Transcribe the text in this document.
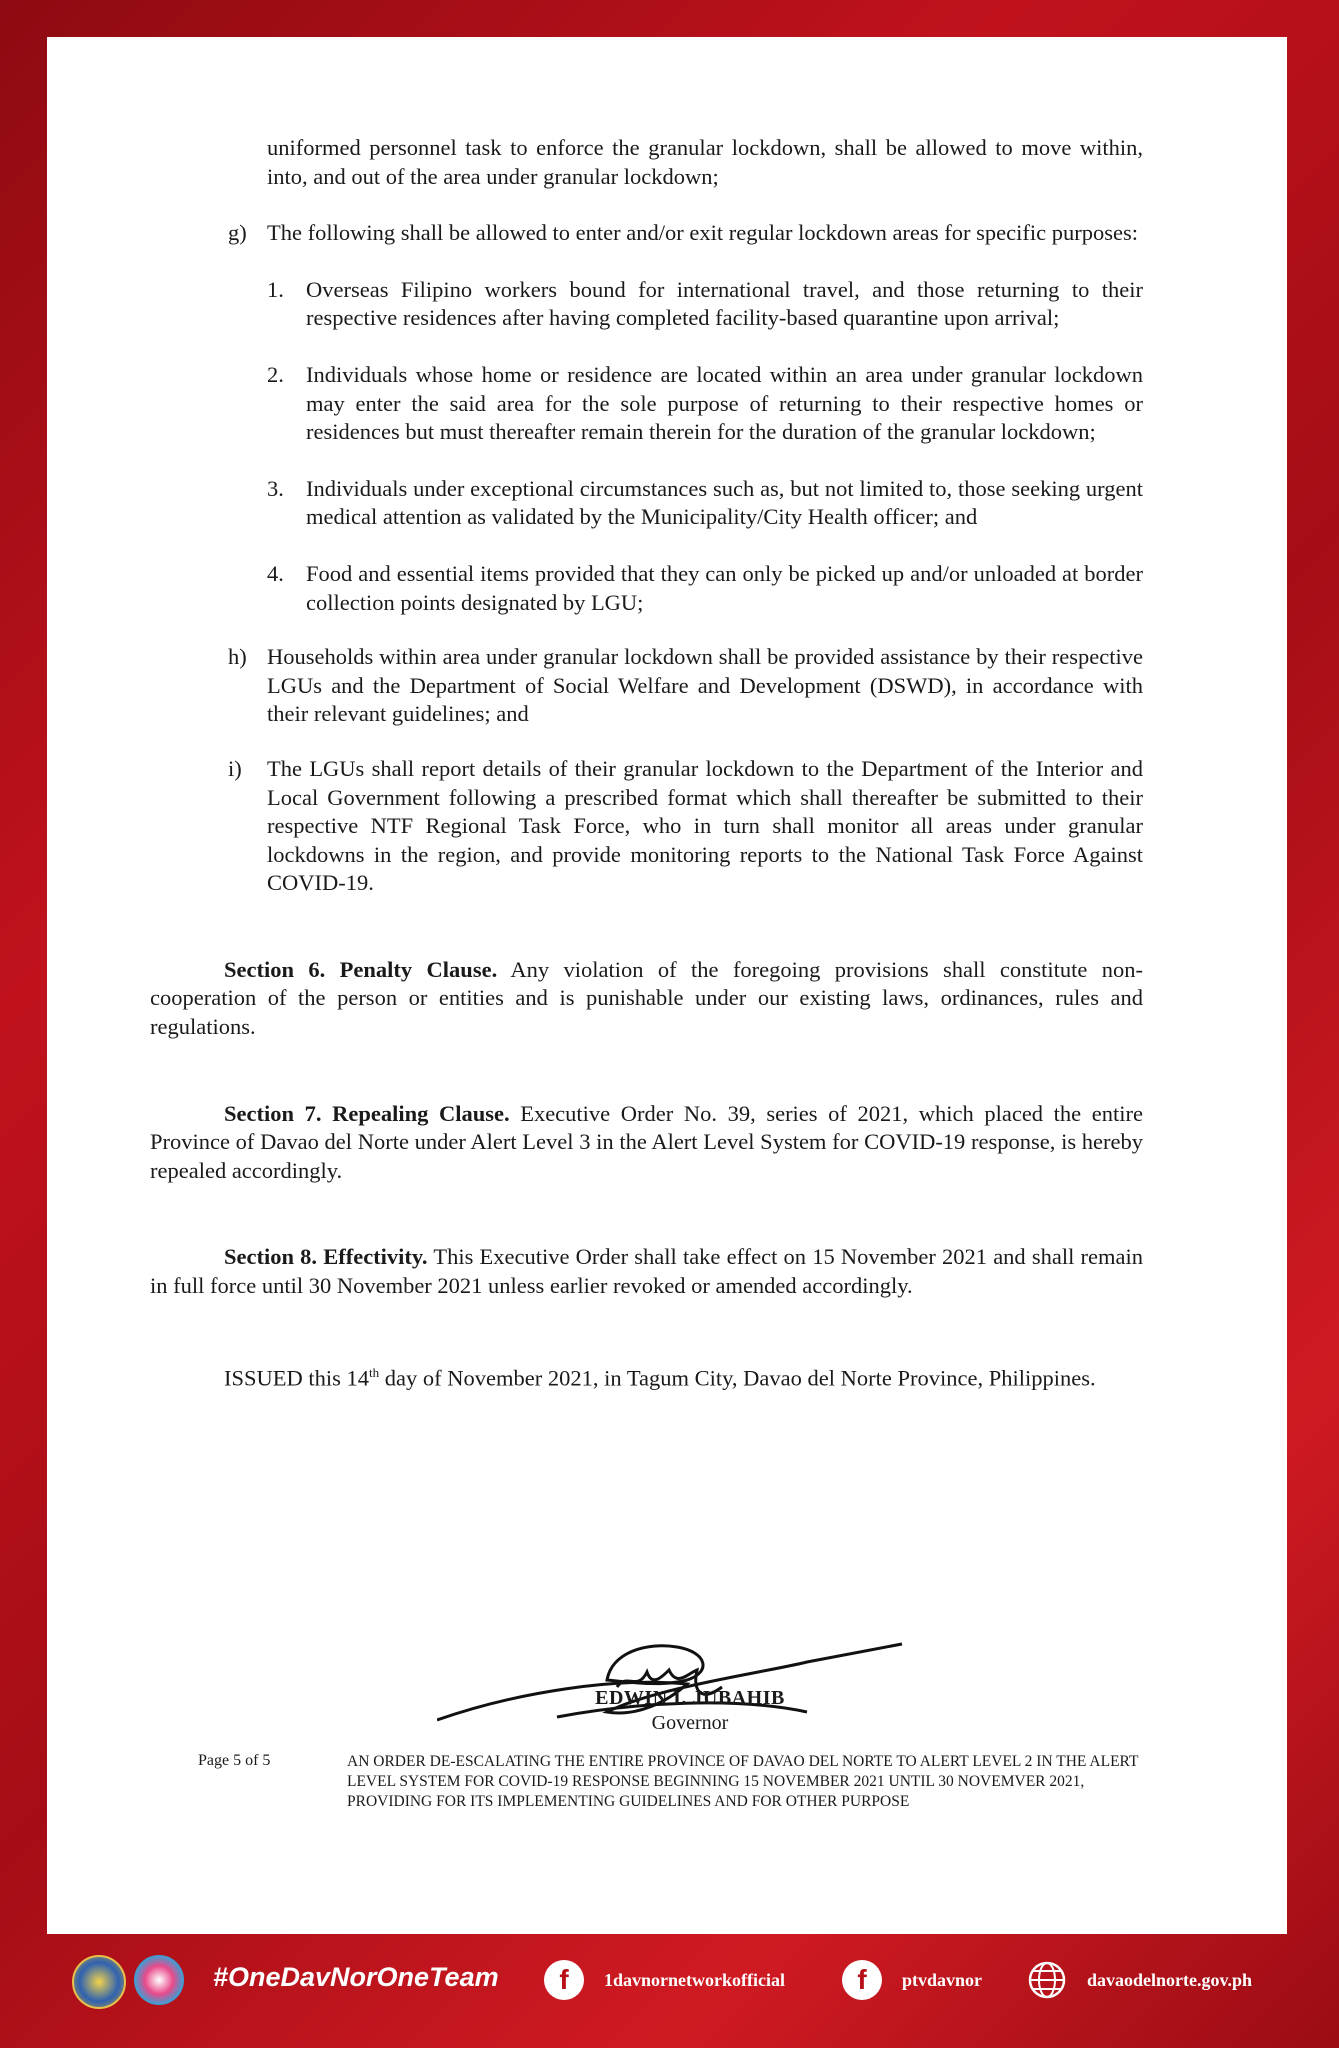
uniformed personnel task to enforce the granular lockdown, shall be allowed to move within, into, and out of the area under granular lockdown;

g) The following shall be allowed to enter and/or exit regular lockdown areas for specific purposes:
1. Overseas Filipino workers bound for international travel, and those returning to their respective residences after having completed facility-based quarantine upon arrival;
2. Individuals whose home or residence are located within an area under granular lockdown may enter the said area for the sole purpose of returning to their respective homes or residences but must thereafter remain therein for the duration of the granular lockdown;
3. Individuals under exceptional circumstances such as, but not limited to, those seeking urgent medical attention as validated by the Municipality/City Health officer; and
4. Food and essential items provided that they can only be picked up and/or unloaded at border collection points designated by LGU;
h) Households within area under granular lockdown shall be provided assistance by their respective LGUs and the Department of Social Welfare and Development (DSWD), in accordance with their relevant guidelines; and
i)	The LGUs shall report details of their granular lockdown to the Department of the Interior and Local Government following a prescribed format which shall thereafter be submitted to their respective NTF Regional Task Force, who in turn shall monitor all areas under granular lockdowns in the region, and provide monitoring reports to the National Task Force Against COVID-19.

Section 6. Penalty Clause. Any violation of the foregoing provisions shall constitute non-cooperation of the person or entities and is punishable under our existing laws, ordinances, rules and regulations.

Section 7. Repealing Clause. Executive Order No. 39, series of 2021, which placed the entire Province of Davao del Norte under Alert Level 3 in the Alert Level System for COVID-19 response, is hereby repealed accordingly.

Section 8. Effectivity. This Executive Order shall take effect on 15 November 2021 and shall remain in full force until 30 November 2021 unless earlier revoked or amended accordingly.

ISSUED this 14th day of November 2021, in Tagum City, Davao del Norte Province, Philippines.

EDWIN I. JUBAHIB
Governor
Page 5 of 5	AN ORDER DE-ESCALATING THE ENTIRE PROVINCE OF DAVAO DEL NORTE TO ALERT LEVEL 2 IN THE ALERT LEVEL SYSTEM FOR COVID-19 RESPONSE BEGINNING 15 NOVEMBER 2021 UNTIL 30 NOVEMVER 2021, PROVIDING FOR ITS IMPLEMENTING GUIDELINES AND FOR OTHER PURPOSE
#OneDavNorOneTeam	f	1davnornetworkofficial	f	ptvdavnor	davaodelnorte.gov.ph
